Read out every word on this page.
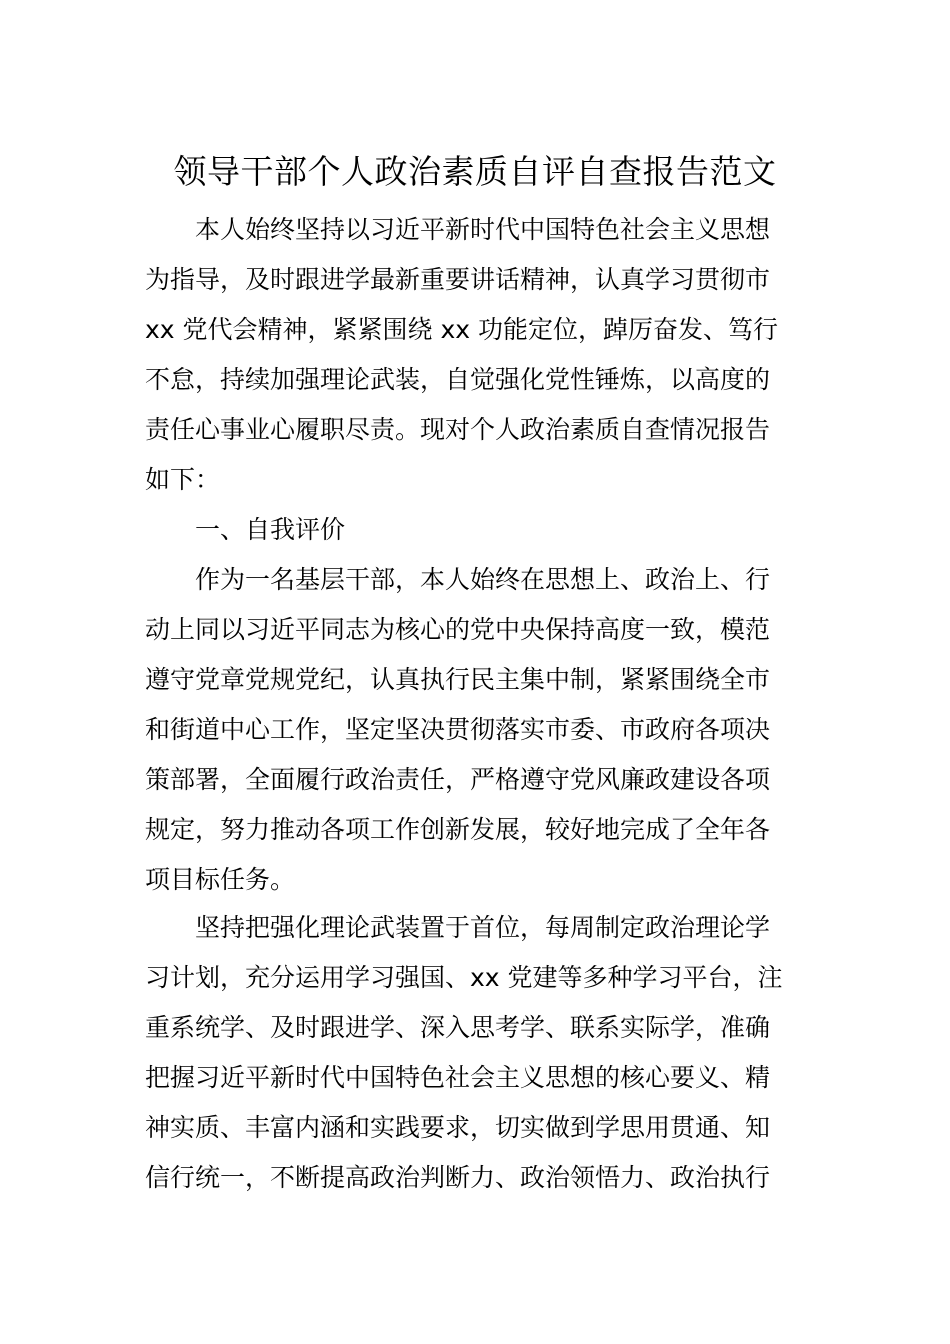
领导干部个人政治素质自评自查报告范文
本人始终坚持以习近平新时代中国特色社会主义思想
为指导，及时跟进学最新重要讲话精神，认真学习贯彻市
xx 党代会精神，紧紧围绕 xx 功能定位，踔厉奋发、笃行
不怠，持续加强理论武装，自觉强化党性锤炼，以高度的
责任心事业心履职尽责。现对个人政治素质自查情况报告
如下：
一、自我评价
作为一名基层干部，本人始终在思想上、政治上、行
动上同以习近平同志为核心的党中央保持高度一致，模范
遵守党章党规党纪，认真执行民主集中制，紧紧围绕全市
和街道中心工作，坚定坚决贯彻落实市委、市政府各项决
策部署，全面履行政治责任，严格遵守党风廉政建设各项
规定，努力推动各项工作创新发展，较好地完成了全年各
项目标任务。
坚持把强化理论武装置于首位，每周制定政治理论学
习计划，充分运用学习强国、xx 党建等多种学习平台，注
重系统学、及时跟进学、深入思考学、联系实际学，准确
把握习近平新时代中国特色社会主义思想的核心要义、精
神实质、丰富内涵和实践要求，切实做到学思用贯通、知
信行统一，不断提高政治判断力、政治领悟力、政治执行
